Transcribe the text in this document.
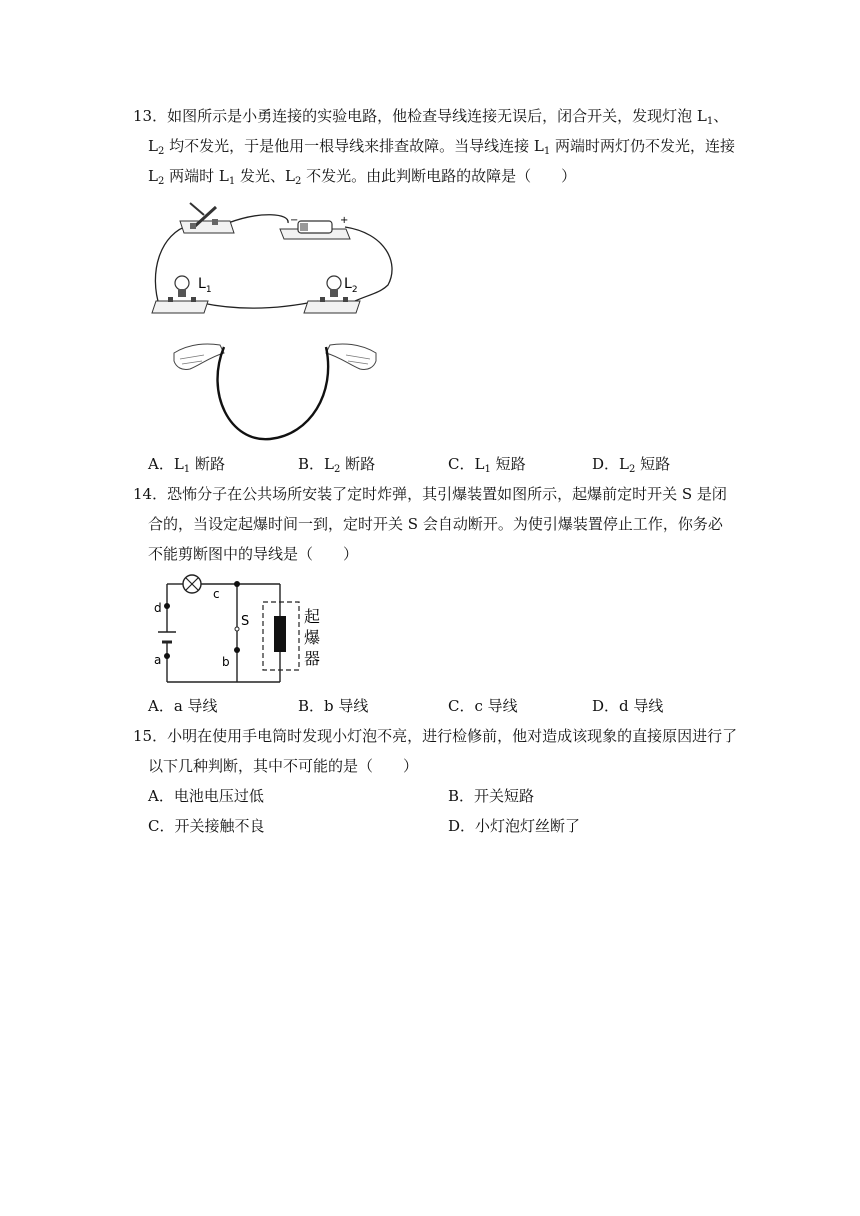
13．如图所示是小勇连接的实验电路，他检查导线连接无误后，闭合开关，发现灯泡 $L_1$、
$L_2$ 均不发光，于是他用一根导线来排查故障。当导线连接 $L_1$ 两端时两灯仍不发光，连接
$L_2$ 两端时 $L_1$ 发光、$L_2$ 不发光。由此判断电路的故障是（　　）
−	+
$L_1$	$L_2$
A．$L_1$ 断路	B．$L_2$ 断路	C．$L_1$ 短路	D．$L_2$ 短路
14．恐怖分子在公共场所安装了定时炸弹，其引爆装置如图所示，起爆前定时开关 S 是闭
合的，当设定起爆时间一到，定时开关 S 会自动断开。为使引爆装置停止工作，你务必
不能剪断图中的导线是（　　）
S
d
a
c
b
起
爆
器
A．a 导线	B．b 导线	C．c 导线	D．d 导线
15．小明在使用手电筒时发现小灯泡不亮，进行检修前，他对造成该现象的直接原因进行了
以下几种判断，其中不可能的是（　　）
A．电池电压过低	B．开关短路
C．开关接触不良	D．小灯泡灯丝断了
